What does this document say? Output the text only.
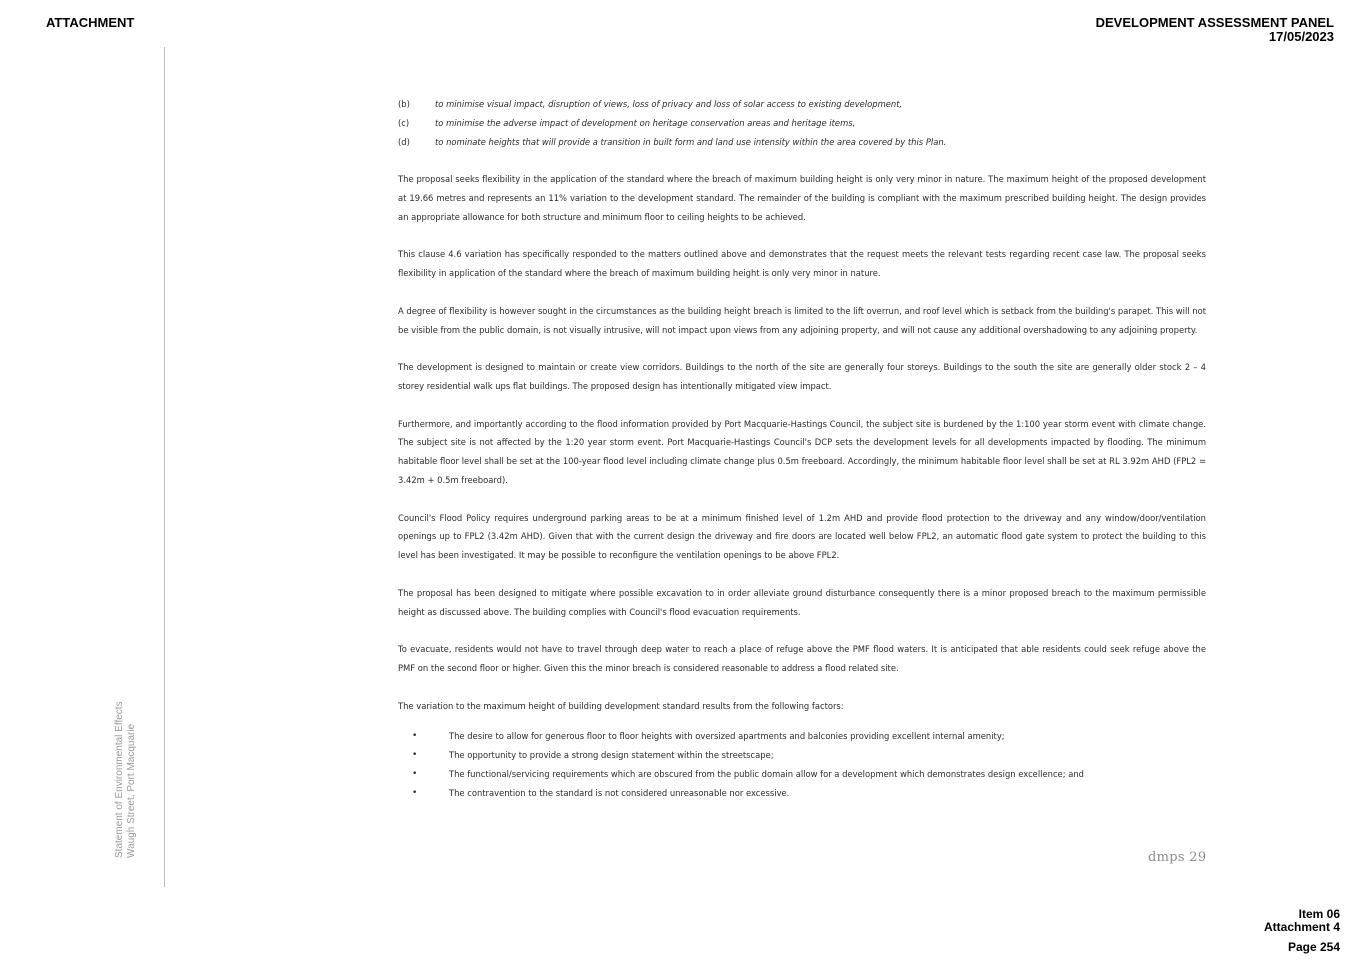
ATTACHMENT	DEVELOPMENT ASSESSMENT PANEL
17/05/2023
Statement of Environmental Effects Waugh Street, Port Macquarie
(b)	to minimise visual impact, disruption of views, loss of privacy and loss of solar access to existing development,
(c)	to minimise the adverse impact of development on heritage conservation areas and heritage items,
(d)	to nominate heights that will provide a transition in built form and land use intensity within the area covered by this Plan.

The proposal seeks flexibility in the application of the standard where the breach of maximum building height is only very minor in nature. The maximum height of the proposed development at 19.66 metres and represents an 11% variation to the development standard. The remainder of the building is compliant with the maximum prescribed building height. The design provides an appropriate allowance for both structure and minimum floor to ceiling heights to be achieved.

This clause 4.6 variation has specifically responded to the matters outlined above and demonstrates that the request meets the relevant tests regarding recent case law. The proposal seeks flexibility in application of the standard where the breach of maximum building height is only very minor in nature.

A degree of flexibility is however sought in the circumstances as the building height breach is limited to the lift overrun, and roof level which is setback from the building's parapet. This will not be visible from the public domain, is not visually intrusive, will not impact upon views from any adjoining property, and will not cause any additional overshadowing to any adjoining property.

The development is designed to maintain or create view corridors. Buildings to the north of the site are generally four storeys. Buildings to the south the site are generally older stock 2 – 4 storey residential walk ups flat buildings. The proposed design has intentionally mitigated view impact.

Furthermore, and importantly according to the flood information provided by Port Macquarie-Hastings Council, the subject site is burdened by the 1:100 year storm event with climate change. The subject site is not affected by the 1:20 year storm event. Port Macquarie-Hastings Council's DCP sets the development levels for all developments impacted by flooding. The minimum habitable floor level shall be set at the 100-year flood level including climate change plus 0.5m freeboard. Accordingly, the minimum habitable floor level shall be set at RL 3.92m AHD (FPL2 = 3.42m + 0.5m freeboard).

Council's Flood Policy requires underground parking areas to be at a minimum finished level of 1.2m AHD and provide flood protection to the driveway and any window/door/ventilation openings up to FPL2 (3.42m AHD). Given that with the current design the driveway and fire doors are located well below FPL2, an automatic flood gate system to protect the building to this level has been investigated. It may be possible to reconfigure the ventilation openings to be above FPL2.

The proposal has been designed to mitigate where possible excavation to in order alleviate ground disturbance consequently there is a minor proposed breach to the maximum permissible height as discussed above. The building complies with Council's flood evacuation requirements.

To evacuate, residents would not have to travel through deep water to reach a place of refuge above the PMF flood waters. It is anticipated that able residents could seek refuge above the PMF on the second floor or higher. Given this the minor breach is considered reasonable to address a flood related site.

The variation to the maximum height of building development standard results from the following factors:

•	The desire to allow for generous floor to floor heights with oversized apartments and balconies providing excellent internal amenity;
•	The opportunity to provide a strong design statement within the streetscape;
•	The functional/servicing requirements which are obscured from the public domain allow for a development which demonstrates design excellence; and
•	The contravention to the standard is not considered unreasonable nor excessive.
dmps 29
Item 06
Attachment 4
Page 254
